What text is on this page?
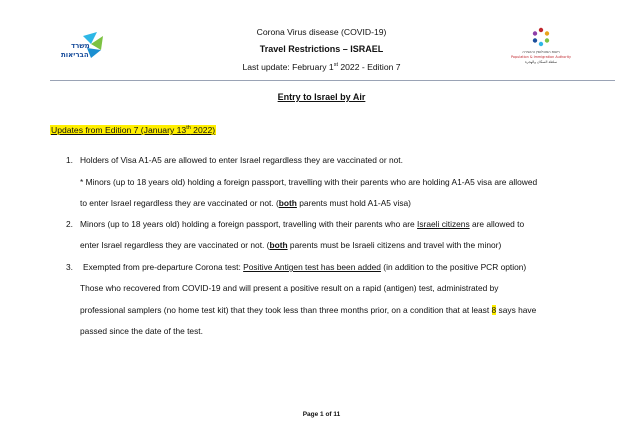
משרד
הבריאות	רשות האוכלוסין וההגירה
Population & Immigration Authority
سلطة السكان والهجرة
Corona Virus disease (COVID-19)
Travel Restrictions – ISRAEL
Last update: February 1st 2022 - Edition 7
Entry to Israel by Air
Updates from Edition 7 (January 13th 2022)
1. Holders of Visa A1-A5 are allowed to enter Israel regardless they are vaccinated or not.
* Minors (up to 18 years old) holding a foreign passport, travelling with their parents who are holding A1-A5 visa are allowed
to enter Israel regardless they are vaccinated or not. (both parents must hold A1-A5 visa)
2. Minors (up to 18 years old) holding a foreign passport, travelling with their parents who are Israeli citizens are allowed to
enter Israel regardless they are vaccinated or not. (both parents must be Israeli citizens and travel with the minor)
3. Exempted from pre-departure Corona test: Positive Antigen test has been added (in addition to the positive PCR option)
Those who recovered from COVID-19 and will present a positive result on a rapid (antigen) test, administrated by
professional samplers (no home test kit) that they took less than three months prior, on a condition that at least 8 says have
passed since the date of the test.
Page 1 of 11
